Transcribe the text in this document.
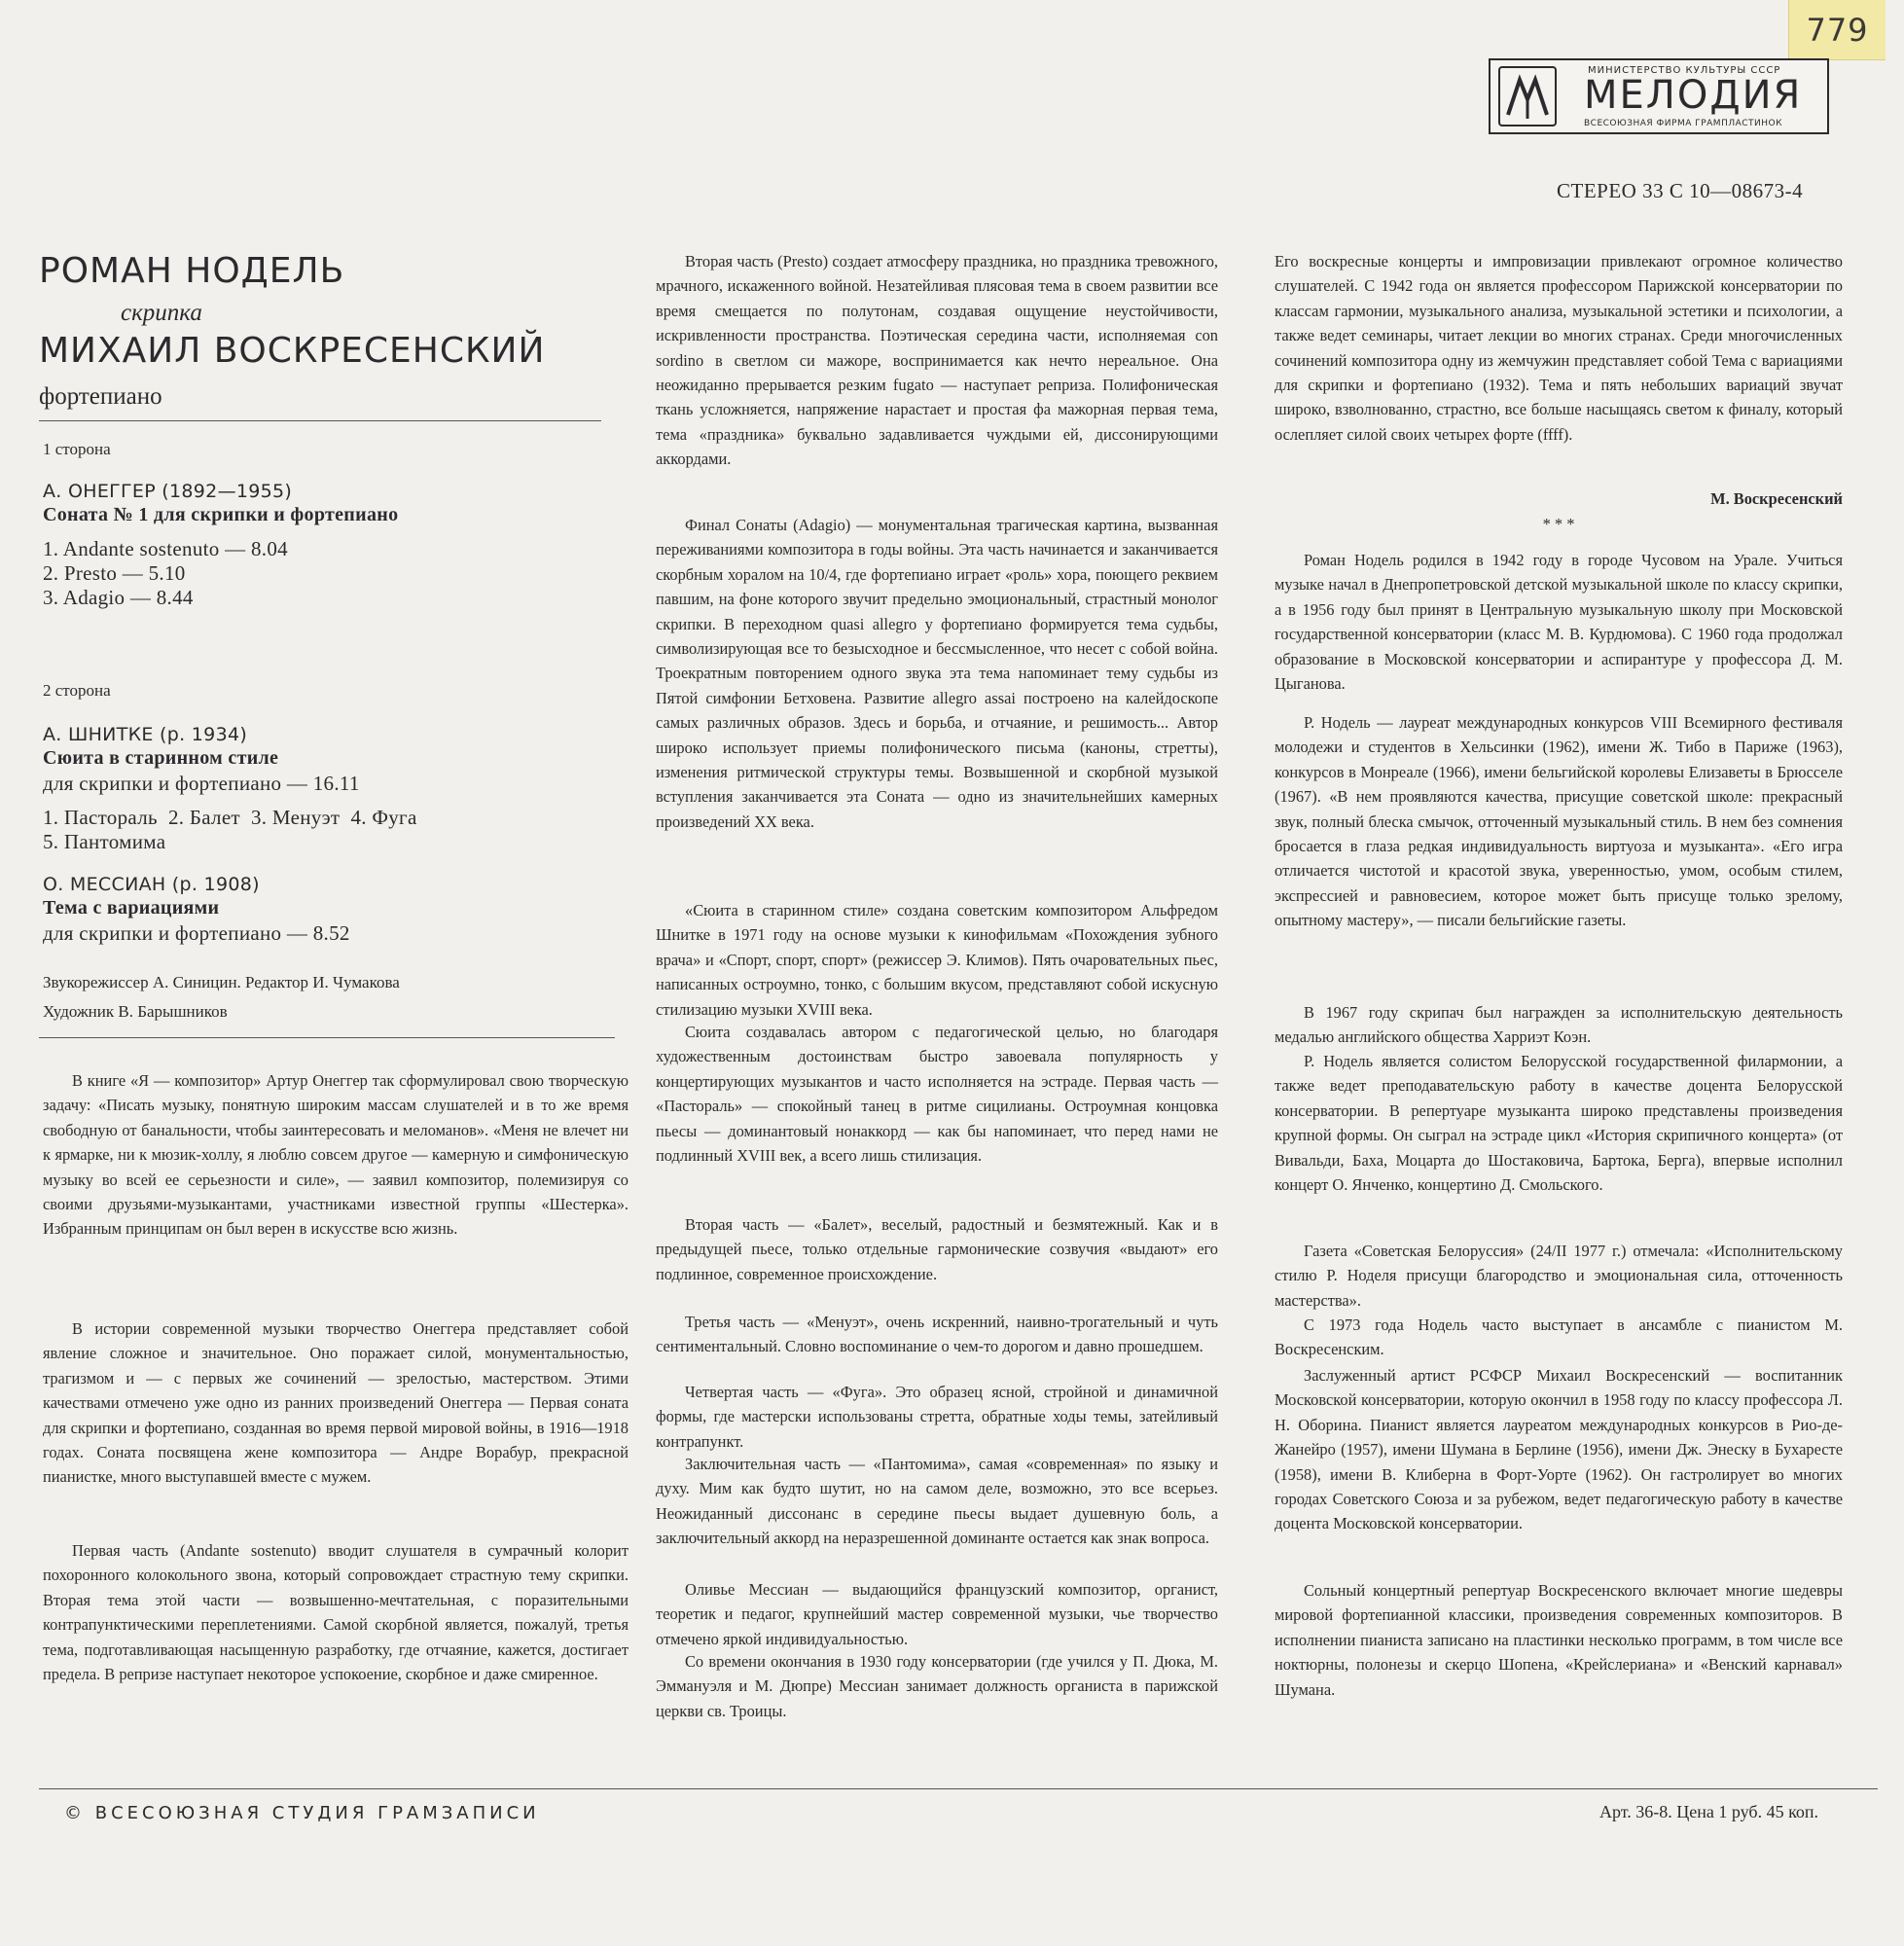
779
МИНИСТЕРСТВО КУЛЬТУРЫ СССР
МЕЛОДИЯ
ВСЕСОЮЗНАЯ ФИРМА ГРАМПЛАСТИНОК
СТЕРЕО 33 С 10—08673-4
РОМАН НОДЕЛЬ
скрипка
МИХАИЛ ВОСКРЕСЕНСКИЙ
фортепиано
1 сторона
А. ОНЕГГЕР (1892—1955)
Соната № 1 для скрипки и фортепиано
1. Andante sostenuto — 8.04
2. Presto — 5.10
3. Adagio — 8.44
2 сторона
А. ШНИТКЕ (р. 1934)
Сюита в старинном стиле
для скрипки и фортепиано — 16.11
1. Пастораль  2. Балет  3. Менуэт  4. Фуга
5. Пантомима
О. МЕССИАН (р. 1908)
Тема с вариациями
для скрипки и фортепиано — 8.52
Звукорежиссер А. Синицин. Редактор И. Чумакова
Художник В. Барышников

В книге «Я — композитор» Артур Онеггер так сформулировал свою творческую задачу: «Писать музыку, понятную широким массам слушателей и в то же время свободную от банальности, чтобы заинтересовать и меломанов». «Меня не влечет ни к ярмарке, ни к мюзик-холлу, я люблю совсем другое — камерную и симфоническую музыку во всей ее серьезности и силе», — заявил композитор, полемизируя со своими друзьями-музыкантами, участниками известной группы «Шестерка». Избранным принципам он был верен в искусстве всю жизнь.

В истории современной музыки творчество Онеггера представляет собой явление сложное и значительное. Оно поражает силой, монументальностью, трагизмом и — с первых же сочинений — зрелостью, мастерством. Этими качествами отмечено уже одно из ранних произведений Онеггера — Первая соната для скрипки и фортепиано, созданная во время первой мировой войны, в 1916—1918 годах. Соната посвящена жене композитора — Андре Ворабур, прекрасной пианистке, много выступавшей вместе с мужем.

Первая часть (Andante sostenuto) вводит слушателя в сумрачный колорит похоронного колокольного звона, который сопровождает страстную тему скрипки. Вторая тема этой части — возвышенно-мечтательная, с поразительными контрапунктическими переплетениями. Самой скорбной является, пожалуй, третья тема, подготавливающая насыщенную разработку, где отчаяние, кажется, достигает предела. В репризе наступает некоторое успокоение, скорбное и даже смиренное.

Вторая часть (Presto) создает атмосферу праздника, но праздника тревожного, мрачного, искаженного войной. Незатейливая плясовая тема в своем развитии все время смещается по полутонам, создавая ощущение неустойчивости, искривленности пространства. Поэтическая середина части, исполняемая con sordino в светлом си мажоре, воспринимается как нечто нереальное. Она неожиданно прерывается резким fugato — наступает реприза. Полифоническая ткань усложняется, напряжение нарастает и простая фа мажорная первая тема, тема «праздника» буквально задавливается чуждыми ей, диссонирующими аккордами.

Финал Сонаты (Adagio) — монументальная трагическая картина, вызванная переживаниями композитора в годы войны. Эта часть начинается и заканчивается скорбным хоралом на 10/4, где фортепиано играет «роль» хора, поющего реквием павшим, на фоне которого звучит предельно эмоциональный, страстный монолог скрипки. В переходном quasi allegro у фортепиано формируется тема судьбы, символизирующая все то безысходное и бессмысленное, что несет с собой война. Троекратным повторением одного звука эта тема напоминает тему судьбы из Пятой симфонии Бетховена. Развитие allegro assai построено на калейдоскопе самых различных образов. Здесь и борьба, и отчаяние, и решимость... Автор широко использует приемы полифонического письма (каноны, стретты), изменения ритмической структуры темы. Возвышенной и скорбной музыкой вступления заканчивается эта Соната — одно из значительнейших камерных произведений XX века.

«Сюита в старинном стиле» создана советским композитором Альфредом Шнитке в 1971 году на основе музыки к кинофильмам «Похождения зубного врача» и «Спорт, спорт, спорт» (режиссер Э. Климов). Пять очаровательных пьес, написанных остроумно, тонко, с большим вкусом, представляют собой искусную стилизацию музыки XVIII века.

Сюита создавалась автором с педагогической целью, но благодаря художественным достоинствам быстро завоевала популярность у концертирующих музыкантов и часто исполняется на эстраде. Первая часть — «Пастораль» — спокойный танец в ритме сицилианы. Остроумная концовка пьесы — доминантовый нонаккорд — как бы напоминает, что перед нами не подлинный XVIII век, а всего лишь стилизация.

Вторая часть — «Балет», веселый, радостный и безмятежный. Как и в предыдущей пьесе, только отдельные гармонические созвучия «выдают» его подлинное, современное происхождение.

Третья часть — «Менуэт», очень искренний, наивно-трогательный и чуть сентиментальный. Словно воспоминание о чем-то дорогом и давно прошедшем.

Четвертая часть — «Фуга». Это образец ясной, стройной и динамичной формы, где мастерски использованы стретта, обратные ходы темы, затейливый контрапункт.

Заключительная часть — «Пантомима», самая «современная» по языку и духу. Мим как будто шутит, но на самом деле, возможно, это все всерьез. Неожиданный диссонанс в середине пьесы выдает душевную боль, а заключительный аккорд на неразрешенной доминанте остается как знак вопроса.

Оливье Мессиан — выдающийся французский композитор, органист, теоретик и педагог, крупнейший мастер современной музыки, чье творчество отмечено яркой индивидуальностью.

Со времени окончания в 1930 году консерватории (где учился у П. Дюка, М. Эммануэля и М. Дюпре) Мессиан занимает должность органиста в парижской церкви св. Троицы.

Его воскресные концерты и импровизации привлекают огромное количество слушателей. С 1942 года он является профессором Парижской консерватории по классам гармонии, музыкального анализа, музыкальной эстетики и психологии, а также ведет семинары, читает лекции во многих странах. Среди многочисленных сочинений композитора одну из жемчужин представляет собой Тема с вариациями для скрипки и фортепиано (1932). Тема и пять небольших вариаций звучат широко, взволнованно, страстно, все больше насыщаясь светом к финалу, который ослепляет силой своих четырех форте (ffff).

М. Воскресенский

* * *

Роман Нодель родился в 1942 году в городе Чусовом на Урале. Учиться музыке начал в Днепропетровской детской музыкальной школе по классу скрипки, а в 1956 году был принят в Центральную музыкальную школу при Московской государственной консерватории (класс М. В. Курдюмова). С 1960 года продолжал образование в Московской консерватории и аспирантуре у профессора Д. М. Цыганова.

Р. Нодель — лауреат международных конкурсов VIII Всемирного фестиваля молодежи и студентов в Хельсинки (1962), имени Ж. Тибо в Париже (1963), конкурсов в Монреале (1966), имени бельгийской королевы Елизаветы в Брюсселе (1967). «В нем проявляются качества, присущие советской школе: прекрасный звук, полный блеска смычок, отточенный музыкальный стиль. В нем без сомнения бросается в глаза редкая индивидуальность виртуоза и музыканта». «Его игра отличается чистотой и красотой звука, уверенностью, умом, особым стилем, экспрессией и равновесием, которое может быть присуще только зрелому, опытному мастеру», — писали бельгийские газеты.

В 1967 году скрипач был награжден за исполнительскую деятельность медалью английского общества Харриэт Коэн.

Р. Нодель является солистом Белорусской государственной филармонии, а также ведет преподавательскую работу в качестве доцента Белорусской консерватории. В репертуаре музыканта широко представлены произведения крупной формы. Он сыграл на эстраде цикл «История скрипичного концерта» (от Вивальди, Баха, Моцарта до Шостаковича, Бартока, Берга), впервые исполнил концерт О. Янченко, концертино Д. Смольского.

Газета «Советская Белоруссия» (24/II 1977 г.) отмечала: «Исполнительскому стилю Р. Ноделя присущи благородство и эмоциональная сила, отточенность мастерства».

С 1973 года Нодель часто выступает в ансамбле с пианистом М. Воскресенским.

Заслуженный артист РСФСР Михаил Воскресенский — воспитанник Московской консерватории, которую окончил в 1958 году по классу профессора Л. Н. Оборина. Пианист является лауреатом международных конкурсов в Рио-де-Жанейро (1957), имени Шумана в Берлине (1956), имени Дж. Энеску в Бухаресте (1958), имени В. Клиберна в Форт-Уорте (1962). Он гастролирует во многих городах Советского Союза и за рубежом, ведет педагогическую работу в качестве доцента Московской консерватории.

Сольный концертный репертуар Воскресенского включает многие шедевры мировой фортепианной классики, произведения современных композиторов. В исполнении пианиста записано на пластинки несколько программ, в том числе все ноктюрны, полонезы и скерцо Шопена, «Крейслериана» и «Венский карнавал» Шумана.

© ВСЕСОЮЗНАЯ СТУДИЯ ГРАМЗАПИСИ	Арт. 36-8. Цена 1 руб. 45 коп.
